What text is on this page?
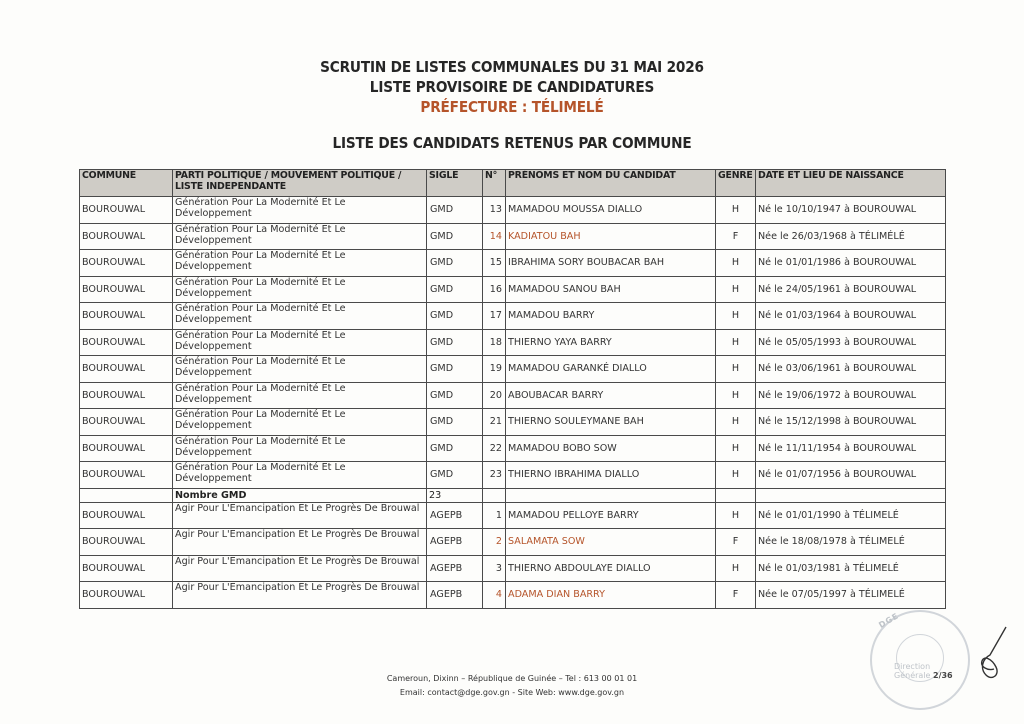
SCRUTIN DE LISTES COMMUNALES DU 31 MAI 2026
LISTE PROVISOIRE DE CANDIDATURES
PRÉFECTURE : TÉLIMELÉ
LISTE DES CANDIDATS RETENUS PAR COMMUNE
COMMUNE	PARTI POLITIQUE / MOUVEMENT POLITIQUE / LISTE INDEPENDANTE	SIGLE	N°	PRÉNOMS ET NOM DU CANDIDAT	GENRE	DATE ET LIEU DE NAISSANCE
BOUROUWAL	Génération Pour La Modernité Et Le Développement	GMD	13	MAMADOU MOUSSA DIALLO	H	Né le 10/10/1947 à BOUROUWAL
BOUROUWAL	Génération Pour La Modernité Et Le Développement	GMD	14	KADIATOU BAH	F	Née le 26/03/1968 à TÉLIMÉLÉ
BOUROUWAL	Génération Pour La Modernité Et Le Développement	GMD	15	IBRAHIMA SORY BOUBACAR BAH	H	Né le 01/01/1986 à BOUROUWAL
BOUROUWAL	Génération Pour La Modernité Et Le Développement	GMD	16	MAMADOU SANOU BAH	H	Né le 24/05/1961 à BOUROUWAL
BOUROUWAL	Génération Pour La Modernité Et Le Développement	GMD	17	MAMADOU BARRY	H	Né le 01/03/1964 à BOUROUWAL
BOUROUWAL	Génération Pour La Modernité Et Le Développement	GMD	18	THIERNO YAYA BARRY	H	Né le 05/05/1993 à BOUROUWAL
BOUROUWAL	Génération Pour La Modernité Et Le Développement	GMD	19	MAMADOU GARANKÉ DIALLO	H	Né le 03/06/1961 à BOUROUWAL
BOUROUWAL	Génération Pour La Modernité Et Le Développement	GMD	20	ABOUBACAR BARRY	H	Né le 19/06/1972 à BOUROUWAL
BOUROUWAL	Génération Pour La Modernité Et Le Développement	GMD	21	THIERNO SOULEYMANE BAH	H	Né le 15/12/1998 à BOUROUWAL
BOUROUWAL	Génération Pour La Modernité Et Le Développement	GMD	22	MAMADOU BOBO SOW	H	Né le 11/11/1954 à BOUROUWAL
BOUROUWAL	Génération Pour La Modernité Et Le Développement	GMD	23	THIERNO IBRAHIMA DIALLO	H	Né le 01/07/1956 à BOUROUWAL
	Nombre GMD	23				
BOUROUWAL	Agir Pour L'Emancipation Et Le Progrès De Brouwal	AGEPB	1	MAMADOU PELLOYE BARRY	H	Né le 01/01/1990 à TÉLIMELÉ
BOUROUWAL	Agir Pour L'Emancipation Et Le Progrès De Brouwal	AGEPB	2	SALAMATA SOW	F	Née le 18/08/1978 à TÉLIMELÉ
BOUROUWAL	Agir Pour L'Emancipation Et Le Progrès De Brouwal	AGEPB	3	THIERNO ABDOULAYE DIALLO	H	Né le 01/03/1981 à TÉLIMELÉ
BOUROUWAL	Agir Pour L'Emancipation Et Le Progrès De Brouwal	AGEPB	4	ADAMA DIAN BARRY	F	Née le 07/05/1997 à TÉLIMELÉ
Cameroun, Dixinn – République de Guinée – Tel : 613 00 01 01
Email: contact@dge.gov.gn - Site Web: www.dge.gov.gn
DGE
Direction Générale 2/36
